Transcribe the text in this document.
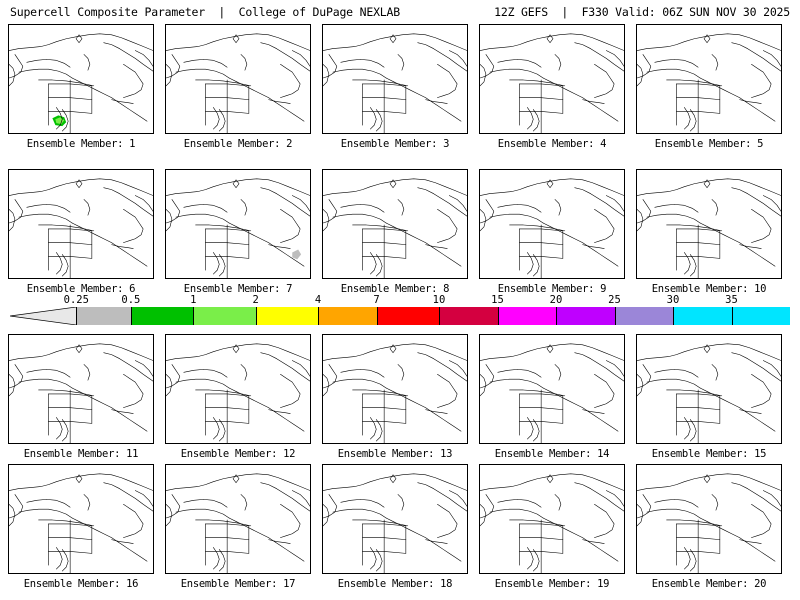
Supercell Composite Parameter  |  College of DuPage NEXLAB	12Z GEFS  |  F330 Valid: 06Z SUN NOV 30 2025
Ensemble Member: 1	Ensemble Member: 2	Ensemble Member: 3	Ensemble Member: 4	Ensemble Member: 5
Ensemble Member: 6	Ensemble Member: 7	Ensemble Member: 8	Ensemble Member: 9	Ensemble Member: 10
Ensemble Member: 11	Ensemble Member: 12	Ensemble Member: 13	Ensemble Member: 14	Ensemble Member: 15
Ensemble Member: 16	Ensemble Member: 17	Ensemble Member: 18	Ensemble Member: 19	Ensemble Member: 20
0.25	0.5	1	2	4	7	10	15	20	25	30	35
